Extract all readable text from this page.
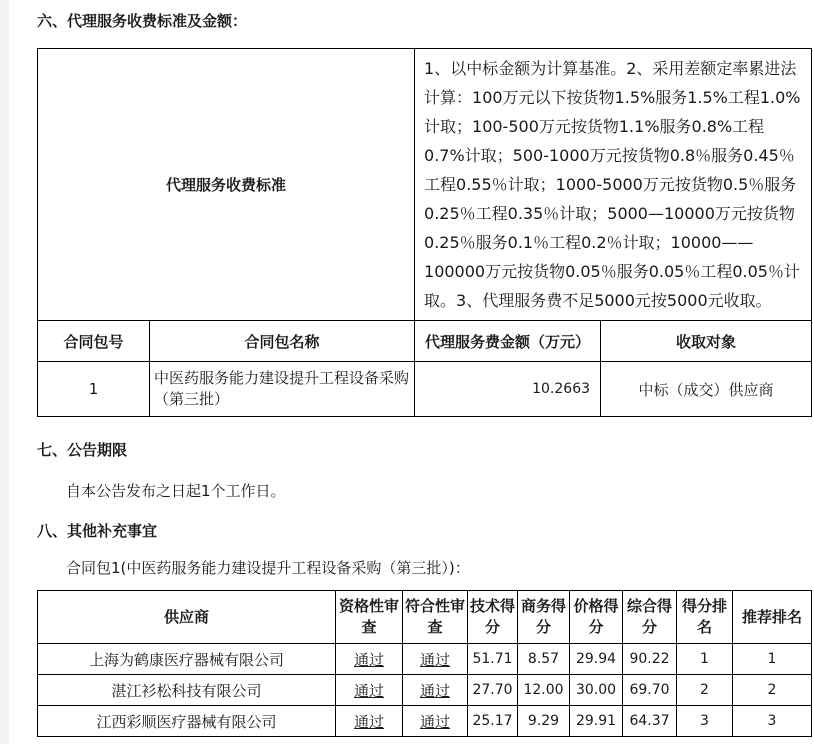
六、代理服务收费标准及金额：
代理服务收费标准		1、以中标金额为计算基准。2、采用差额定率累进法计算：100万元以下按货物1.5%服务1.5%工程1.0%计取；100-500万元按货物1.1%服务0.8%工程0.7%计取；500-1000万元按货物0.8％服务0.45％工程0.55％计取；1000-5000万元按货物0.5％服务0.25％工程0.35％计取；5000—10000万元按货物0.25％服务0.1％工程0.2％计取；10000——100000万元按货物0.05％服务0.05％工程0.05％计取。3、代理服务费不足5000元按5000元收取。	
合同包号	合同包名称	代理服务费金额（万元）	收取对象
1	中医药服务能力建设提升工程设备采购（第三批）	10.2663	中标（成交）供应商
七、公告期限

自本公告发布之日起1个工作日。

八、其他补充事宜

合同包1(中医药服务能力建设提升工程设备采购（第三批）)：

供应商	资格性审查	符合性审查	技术得分	商务得分	价格得分	综合得分	得分排名	推荐排名
上海为鹤康医疗器械有限公司	通过	通过	51.71	8.57	29.94	90.22	1	1
湛江衫松科技有限公司	通过	通过	27.70	12.00	30.00	69.70	2	2
江西彩顺医疗器械有限公司	通过	通过	25.17	9.29	29.91	64.37	3	3
